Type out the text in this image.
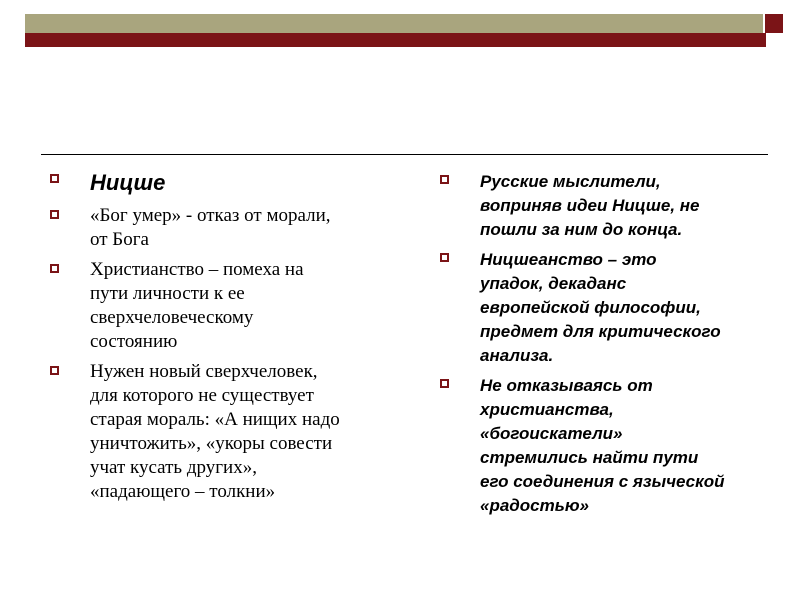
Ницше
«Бог умер» - отказ от морали,
от Бога
Христианство – помеха на
пути личности к ее
сверхчеловеческому
состоянию
Нужен новый сверхчеловек,
для которого не существует
старая мораль: «А нищих надо
уничтожить», «укоры совести
учат кусать других»,
«падающего – толкни»
Русские мыслители,
воприняв идеи Ницше, не
пошли за ним до конца.
Ницшеанство – это
упадок, декаданс
европейской философии,
предмет для критического
анализа.
Не отказываясь от
христианства,
«богоискатели»
стремились найти пути
его соединения с языческой
«радостью»
